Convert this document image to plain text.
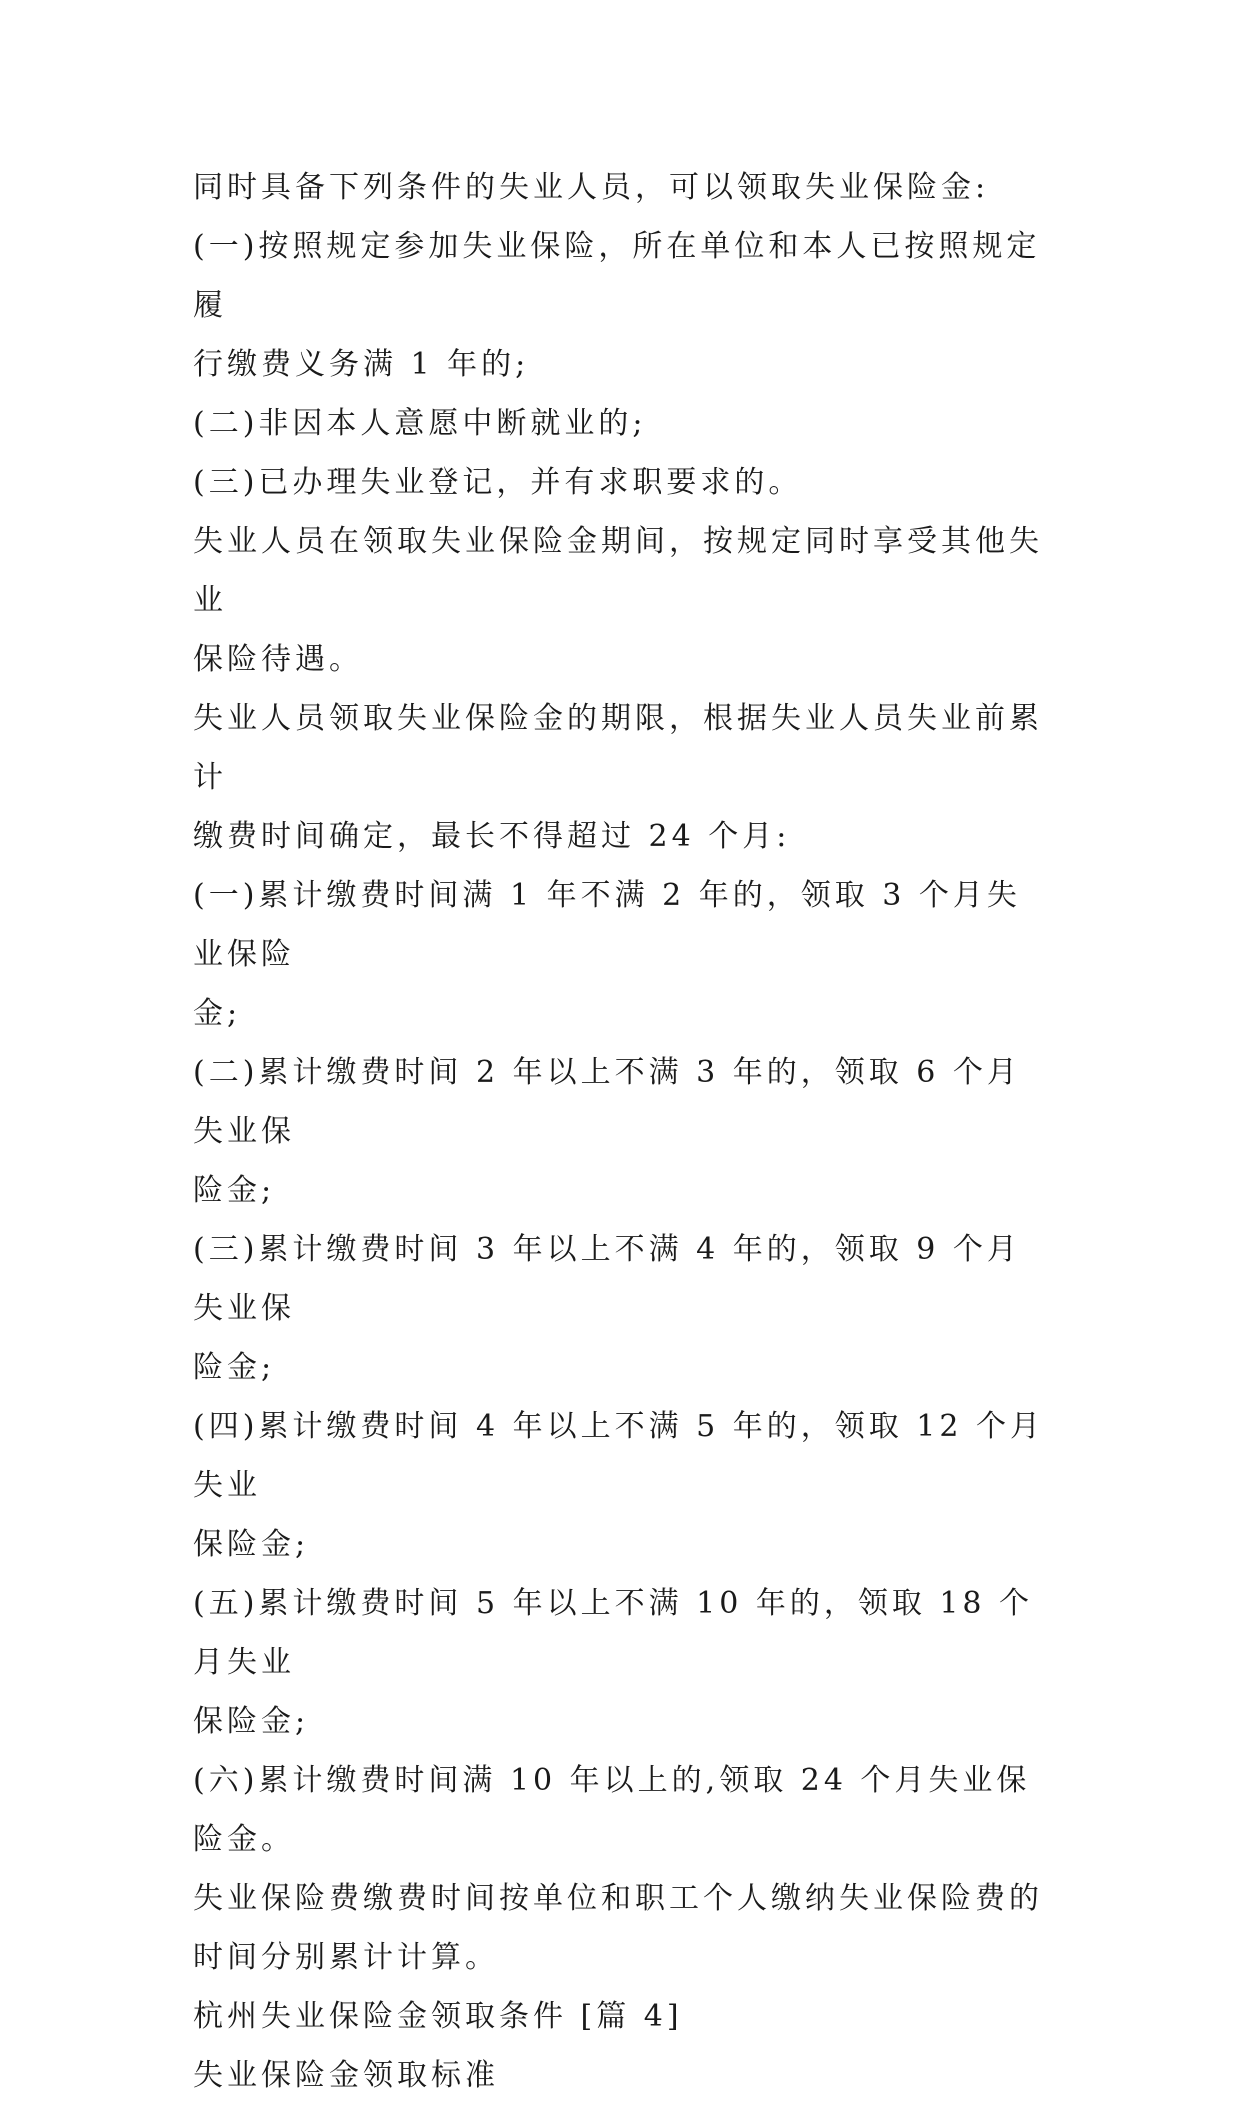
同时具备下列条件的失业人员，可以领取失业保险金:

(一)按照规定参加失业保险，所在单位和本人已按照规定履

行缴费义务满 1 年的;

(二)非因本人意愿中断就业的;

(三)已办理失业登记，并有求职要求的。

失业人员在领取失业保险金期间，按规定同时享受其他失业

保险待遇。

失业人员领取失业保险金的期限，根据失业人员失业前累计

缴费时间确定，最长不得超过 24 个月:

(一)累计缴费时间满 1 年不满 2 年的，领取 3 个月失业保险

金;

(二)累计缴费时间 2 年以上不满 3 年的，领取 6 个月失业保

险金;

(三)累计缴费时间 3 年以上不满 4 年的，领取 9 个月失业保

险金;

(四)累计缴费时间 4 年以上不满 5 年的，领取 12 个月失业

保险金;

(五)累计缴费时间 5 年以上不满 10 年的，领取 18 个月失业

保险金;

(六)累计缴费时间满 10 年以上的,领取 24 个月失业保险金。

失业保险费缴费时间按单位和职工个人缴纳失业保险费的

时间分别累计计算。

杭州失业保险金领取条件 [篇 4]

失业保险金领取标准
